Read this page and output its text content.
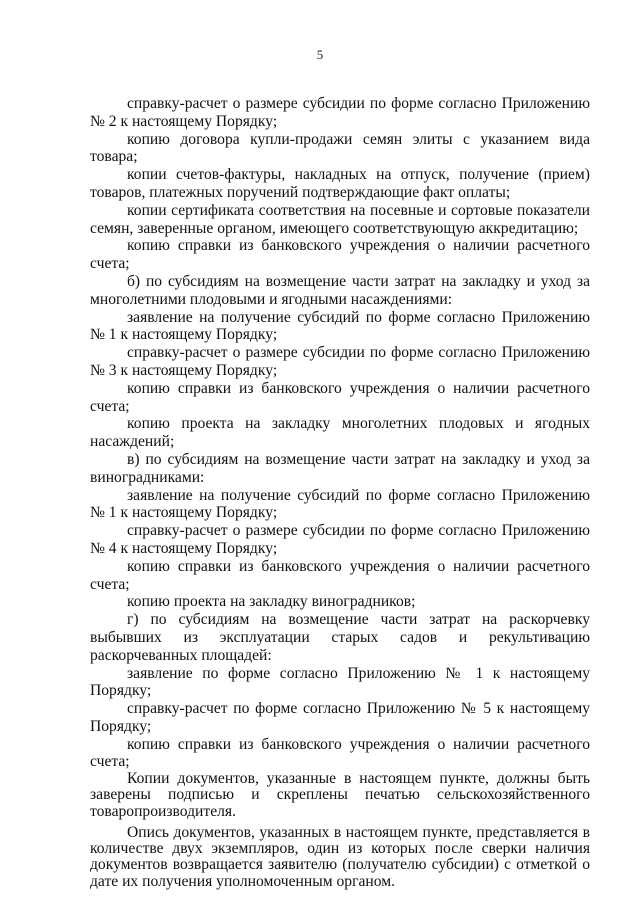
5

справку-расчет о размере субсидии по форме согласно Приложению № 2 к настоящему Порядку;

копию договора купли-продажи семян элиты с указанием вида товара;

копии счетов-фактуры, накладных на отпуск, получение (прием) товаров, платежных поручений подтверждающие факт оплаты;

копии сертификата соответствия на посевные и сортовые показатели семян, заверенные органом, имеющего соответствующую аккредитацию;

копию справки из банковского учреждения о наличии расчетного счета;

б) по субсидиям на возмещение части затрат на закладку и уход за многолетними плодовыми и ягодными насаждениями:

заявление на получение субсидий по форме согласно Приложению № 1 к настоящему Порядку;

справку-расчет о размере субсидии по форме согласно Приложению № 3 к настоящему Порядку;

копию справки из банковского учреждения о наличии расчетного счета;

копию проекта на закладку многолетних плодовых и ягодных насаждений;

в) по субсидиям на возмещение части затрат на закладку и уход за виноградниками:

заявление на получение субсидий по форме согласно Приложению № 1 к настоящему Порядку;

справку-расчет о размере субсидии по форме согласно Приложению № 4 к настоящему Порядку;

копию справки из банковского учреждения о наличии расчетного счета;

копию проекта на закладку виноградников;

г) по субсидиям на возмещение части затрат на раскорчевку выбывших из эксплуатации старых садов и рекультивацию раскорчеванных площадей:

заявление по форме согласно Приложению № 1 к настоящему Порядку;

справку-расчет по форме согласно Приложению № 5 к настоящему Порядку;

копию справки из банковского учреждения о наличии расчетного счета;

Копии документов, указанные в настоящем пункте, должны быть заверены подписью и скреплены печатью сельскохозяйственного товаропроизводителя.

Опись документов, указанных в настоящем пункте, представляется в количестве двух экземпляров, один из которых после сверки наличия документов возвращается заявителю (получателю субсидии) с отметкой о дате их получения уполномоченным органом.
